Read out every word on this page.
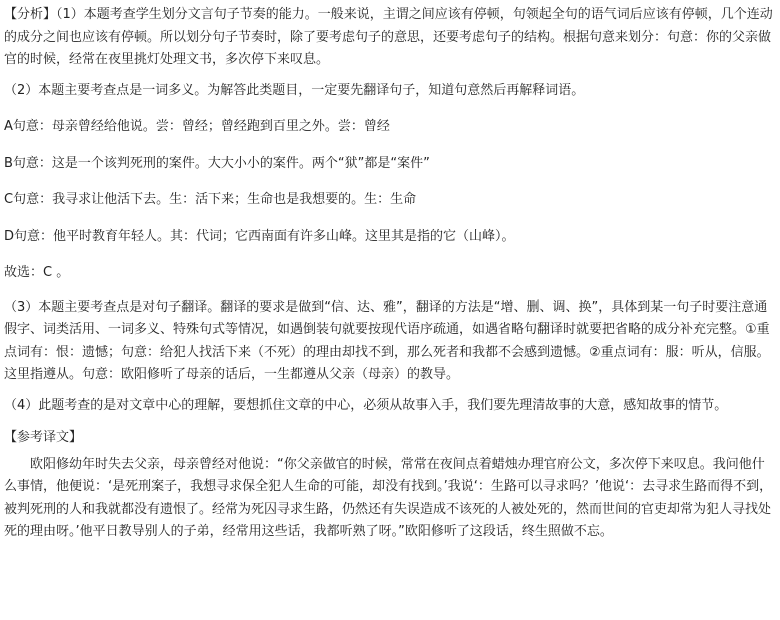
【分析】（1）本题考查学生划分文言句子节奏的能力。一般来说，主谓之间应该有停顿，句领起全句的语气词后应该有停顿，几个连动的成分之间也应该有停顿。所以划分句子节奏时，除了要考虑句子的意思，还要考虑句子的结构。根据句意来划分：句意：你的父亲做官的时候，经常在夜里挑灯处理文书，多次停下来叹息。

（2）本题主要考查点是一词多义。为解答此类题目，一定要先翻译句子，知道句意然后再解释词语。

A句意：母亲曾经给他说。尝：曾经；曾经跑到百里之外。尝：曾经

B句意：这是一个该判死刑的案件。大大小小的案件。两个“狱”都是“案件”

C句意：我寻求让他活下去。生：活下来；生命也是我想要的。生：生命

D句意：他平时教育年轻人。其：代词；它西南面有许多山峰。这里其是指的它（山峰）。

故选：C 。

（3）本题主要考查点是对句子翻译。翻译的要求是做到“信、达、雅”，翻译的方法是“增、删、调、换”，具体到某一句子时要注意通假字、词类活用、一词多义、特殊句式等情况，如遇倒装句就要按现代语序疏通，如遇省略句翻译时就要把省略的成分补充完整。①重点词有：恨：遗憾；句意：给犯人找活下来（不死）的理由却找不到，那么死者和我都不会感到遗憾。②重点词有：服：听从，信服。这里指遵从。句意：欧阳修听了母亲的话后，一生都遵从父亲（母亲）的教导。

（4）此题考查的是对文章中心的理解，要想抓住文章的中心，必须从故事入手，我们要先理清故事的大意，感知故事的情节。

【参考译文】

欧阳修幼年时失去父亲，母亲曾经对他说：“你父亲做官的时候，常常在夜间点着蜡烛办理官府公文，多次停下来叹息。我问他什么事情，他便说：‘是死刑案子，我想寻求保全犯人生命的可能，却没有找到。’我说‘：生路可以寻求吗？’他说‘：去寻求生路而得不到，被判死刑的人和我就都没有遗恨了。经常为死囚寻求生路，仍然还有失误造成不该死的人被处死的，然而世间的官吏却常为犯人寻找处死的理由呀。’他平日教导别人的子弟，经常用这些话，我都听熟了呀。”欧阳修听了这段话，终生照做不忘。
